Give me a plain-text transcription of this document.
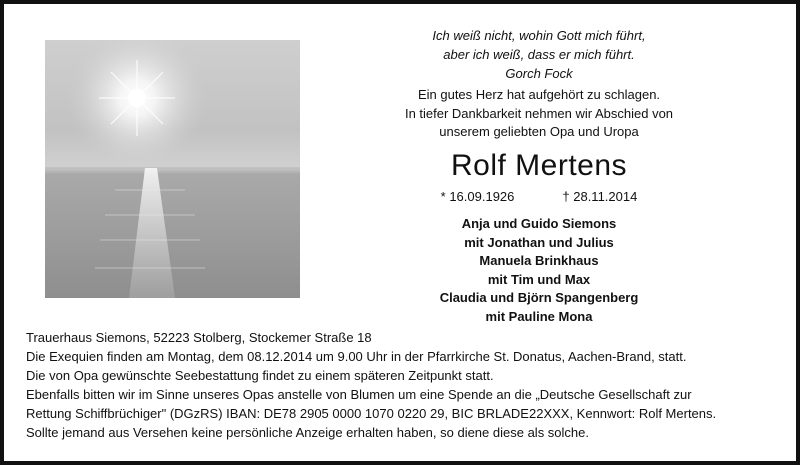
Ich weiß nicht, wohin Gott mich führt,
aber ich weiß, dass er mich führt.
Gorch Fock
Ein gutes Herz hat aufgehört zu schlagen.
In tiefer Dankbarkeit nehmen wir Abschied von
unserem geliebten Opa und Uropa
Rolf Mertens
* 16.09.1926	† 28.11.2014
Anja und Guido Siemons
mit Jonathan und Julius
Manuela Brinkhaus
mit Tim und Max
Claudia und Björn Spangenberg
mit Pauline Mona
Trauerhaus Siemons, 52223 Stolberg, Stockemer Straße 18
Die Exequien finden am Montag, dem 08.12.2014 um 9.00 Uhr in der Pfarrkirche St. Donatus, Aachen-Brand, statt.
Die von Opa gewünschte Seebestattung findet zu einem späteren Zeitpunkt statt.
Ebenfalls bitten wir im Sinne unseres Opas anstelle von Blumen um eine Spende an die „Deutsche Gesellschaft zur
Rettung Schiffbrüchiger" (DGzRS) IBAN: DE78 2905 0000 1070 0220 29, BIC BRLADE22XXX, Kennwort: Rolf Mertens.
Sollte jemand aus Versehen keine persönliche Anzeige erhalten haben, so diene diese als solche.
